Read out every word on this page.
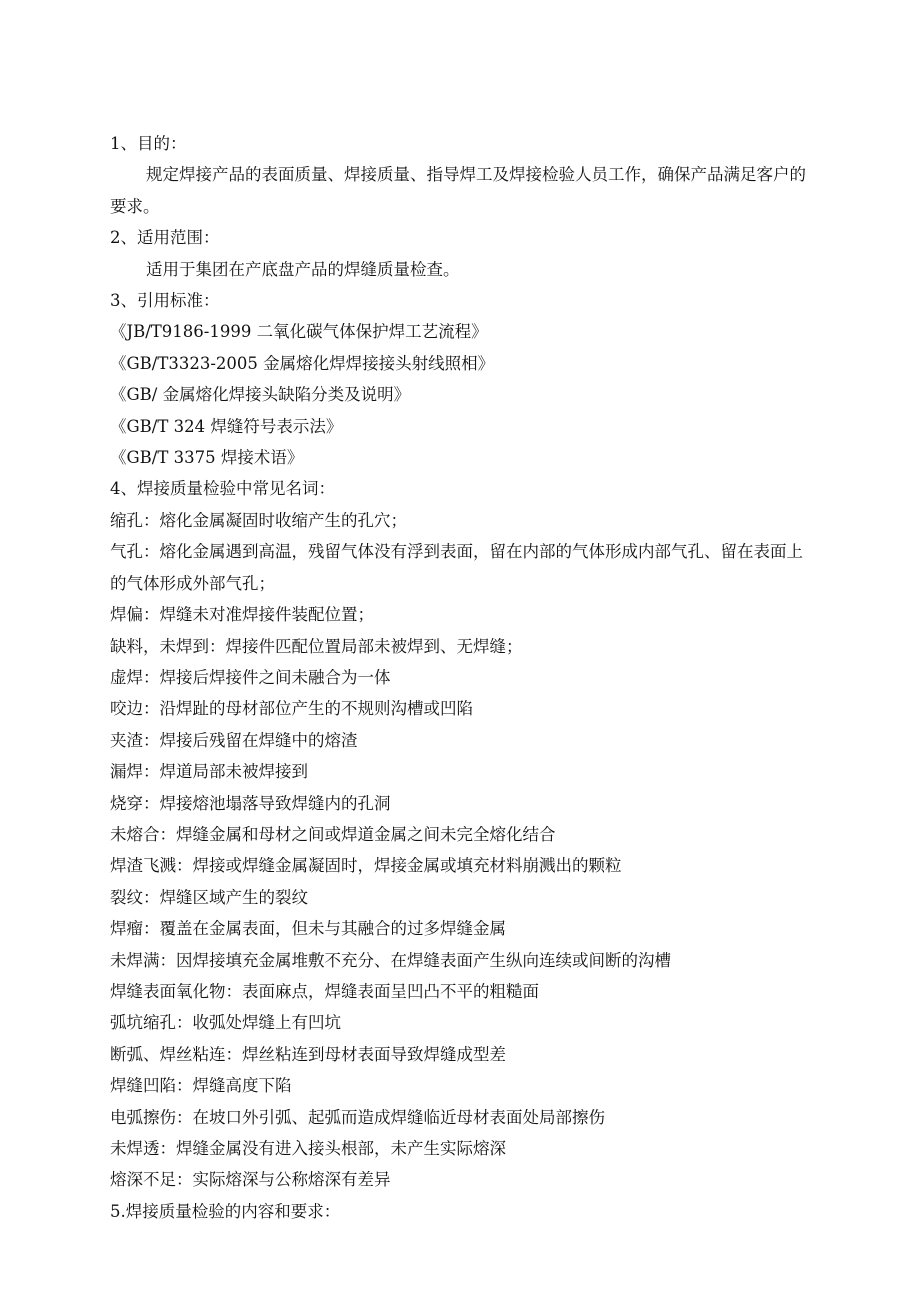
1、目的：

规定焊接产品的表面质量、焊接质量、指导焊工及焊接检验人员工作，确保产品满足客户的要求。

2、适用范围：

适用于集团在产底盘产品的焊缝质量检查。

3、引用标准：

《JB/T9186-1999 二氧化碳气体保护焊工艺流程》

《GB/T3323-2005 金属熔化焊焊接接头射线照相》

《GB/ 金属熔化焊接头缺陷分类及说明》

《GB/T 324 焊缝符号表示法》

《GB/T 3375 焊接术语》

4、焊接质量检验中常见名词：

缩孔：熔化金属凝固时收缩产生的孔穴；

气孔：熔化金属遇到高温，残留气体没有浮到表面，留在内部的气体形成内部气孔、留在表面上的气体形成外部气孔；

焊偏：焊缝未对准焊接件装配位置；

缺料，未焊到：焊接件匹配位置局部未被焊到、无焊缝；

虚焊：焊接后焊接件之间未融合为一体

咬边：沿焊趾的母材部位产生的不规则沟槽或凹陷

夹渣：焊接后残留在焊缝中的熔渣

漏焊：焊道局部未被焊接到

烧穿：焊接熔池塌落导致焊缝内的孔洞

未熔合：焊缝金属和母材之间或焊道金属之间未完全熔化结合

焊渣飞溅：焊接或焊缝金属凝固时，焊接金属或填充材料崩溅出的颗粒

裂纹：焊缝区域产生的裂纹

焊瘤：覆盖在金属表面，但未与其融合的过多焊缝金属

未焊满：因焊接填充金属堆敷不充分、在焊缝表面产生纵向连续或间断的沟槽

焊缝表面氧化物：表面麻点，焊缝表面呈凹凸不平的粗糙面

弧坑缩孔：收弧处焊缝上有凹坑

断弧、焊丝粘连：焊丝粘连到母材表面导致焊缝成型差

焊缝凹陷：焊缝高度下陷

电弧擦伤：在坡口外引弧、起弧而造成焊缝临近母材表面处局部擦伤

未焊透：焊缝金属没有进入接头根部，未产生实际熔深

熔深不足：实际熔深与公称熔深有差异

5.焊接质量检验的内容和要求：
